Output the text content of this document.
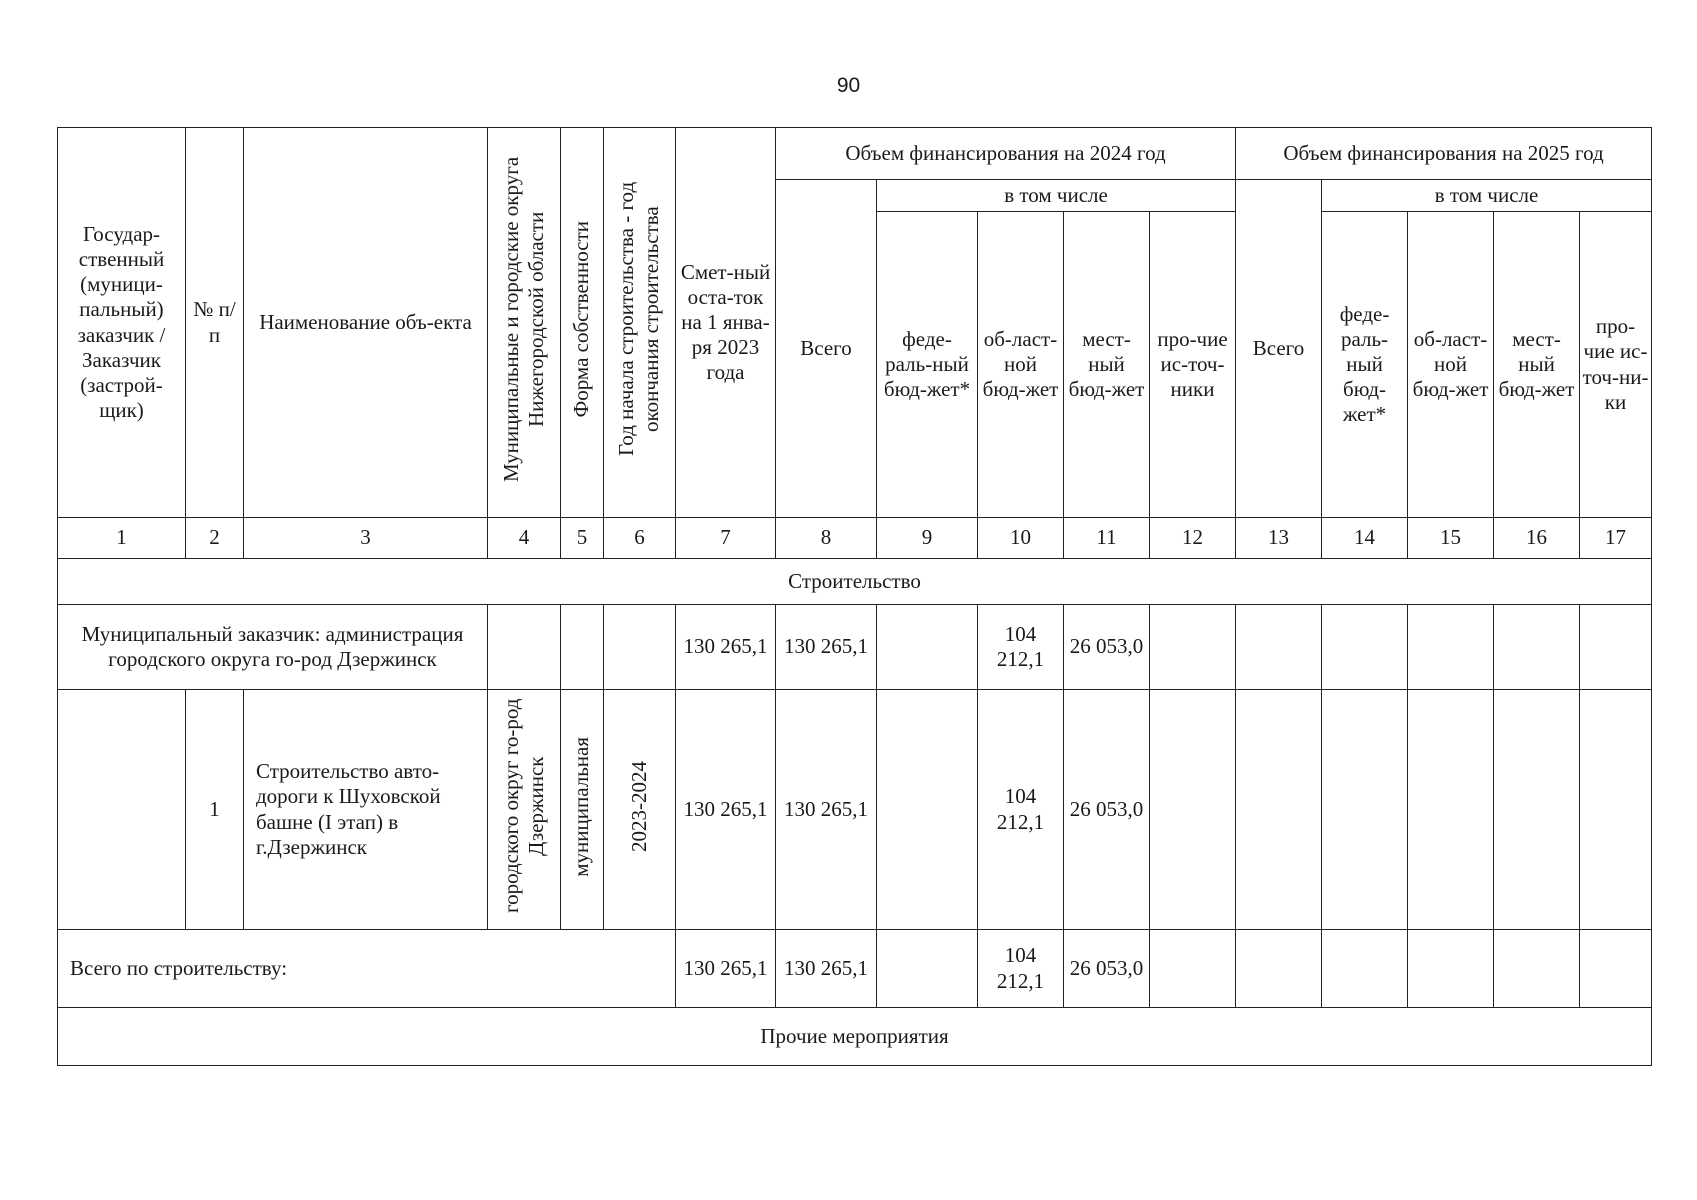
90
Государ-ственный (муници-пальный) заказчик / Заказчик (застрой-щик)	№ п/п	Наименование объ-екта	Муниципальные и городские округа Нижегородской области	Форма собственности	Год начала строительства - год окончания строительства	Смет-ный оста-ток на 1 янва-ря 2023 года	Объем финансирования на 2024 год					Объем финансирования на 2025 год				
							Всего	в том числе				Всего	в том числе			
								феде-раль-ный бюд-жет*	об-ласт-ной бюд-жет	мест-ный бюд-жет	про-чие ис-точ-ники		феде-раль-ный бюд-жет*	об-ласт-ной бюд-жет	мест-ный бюд-жет	про-чие ис-точ-ни-ки
1	2	3	4	5	6	7	8	9	10	11	12	13	14	15	16	17
Строительство																
Муниципальный заказчик: администрация городского округа го-род Дзержинск						130 265,1	130 265,1		104 212,1	26 053,0						
	1	Строительство авто-дороги к Шуховской башне (I этап) в г.Дзержинск	городского округ го-род Дзержинск	муниципальная	2023-2024	130 265,1	130 265,1		104 212,1	26 053,0						
Всего по строительству:						130 265,1	130 265,1		104 212,1	26 053,0						
Прочие мероприятия																
